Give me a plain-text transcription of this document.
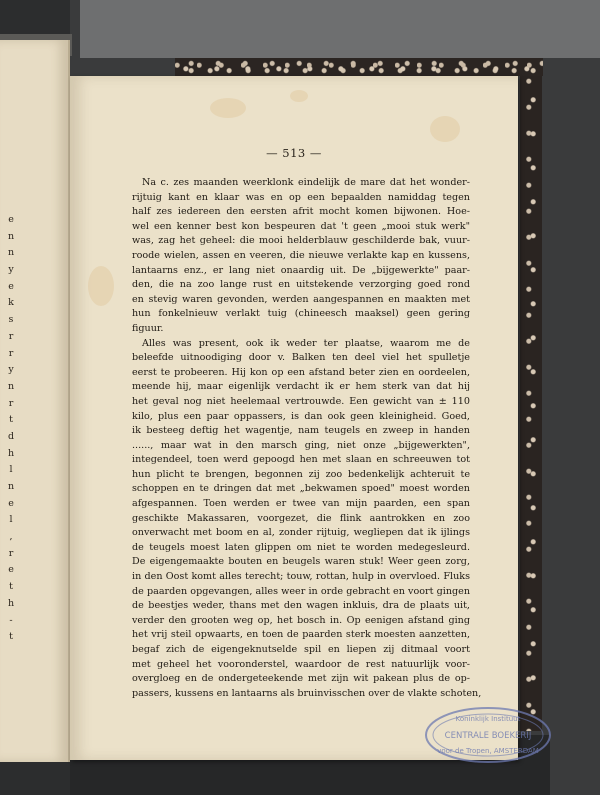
e
n
n
y
e
k
s
r
r
y
n
r
t
d
h
l
n
e
l
,
r
e
t
h
-
t
— 513 —
Na c. zes maanden weerklonk eindelijk de mare dat het wonder-
rijtuig kant en klaar was en op een bepaalden namiddag tegen
half zes iedereen den eersten afrit mocht komen bijwonen. Hoe-
wel een kenner best kon bespeuren dat 't geen „mooi stuk werk"
was, zag het geheel: die mooi helderblauw geschilderde bak, vuur-
roode wielen, assen en veeren, die nieuwe verlakte kap en kussens,
lantaarns enz., er lang niet onaardig uit. De „bijgewerkte" paar-
den, die na zoo lange rust en uitstekende verzorging goed rond
en stevig waren gevonden, werden aangespannen en maakten met
hun fonkelnieuw verlakt tuig (chineesch maaksel) geen gering
figuur.
Alles was present, ook ik weder ter plaatse, waarom me de
beleefde uitnoodiging door v. Balken ten deel viel het spulletje
eerst te probeeren. Hij kon op een afstand beter zien en oordeelen,
meende hij, maar eigenlijk verdacht ik er hem sterk van dat hij
het geval nog niet heelemaal vertrouwde. Een gewicht van ± 110
kilo, plus een paar oppassers, is dan ook geen kleinigheid. Goed,
ik besteeg deftig het wagentje, nam teugels en zweep in handen
......, maar wat in den marsch ging, niet onze „bijgewerkten",
integendeel, toen werd gepoogd hen met slaan en schreeuwen tot
hun plicht te brengen, begonnen zij zoo bedenkelijk achteruit te
schoppen en te dringen dat met „bekwamen spoed" moest worden
afgespannen. Toen werden er twee van mijn paarden, een span
geschikte Makassaren, voorgezet, die flink aantrokken en zoo
onverwacht met boom en al, zonder rijtuig, wegliepen dat ik ijlings
de teugels moest laten glippen om niet te worden medegesleurd.
De eigengemaakte bouten en beugels waren stuk! Weer geen zorg,
in den Oost komt alles terecht; touw, rottan, hulp in overvloed. Fluks
de paarden opgevangen, alles weer in orde gebracht en voort gingen
de beestjes weder, thans met den wagen inkluis, dra de plaats uit,
verder den grooten weg op, het bosch in. Op eenigen afstand ging
het vrij steil opwaarts, en toen de paarden sterk moesten aanzetten,
begaf zich de eigengeknutselde spil en liepen zij ditmaal voort
met geheel het vooronderstel, waardoor de rest natuurlijk voor-
overgloeg en de ondergeteekende met zijn wit pakean plus de op-
passers, kussens en lantaarns als bruinvisschen over de vlakte schoten,
Koninklijk Instituut
CENTRALE BOEKERIJ
voor de Tropen, AMSTERDAM
